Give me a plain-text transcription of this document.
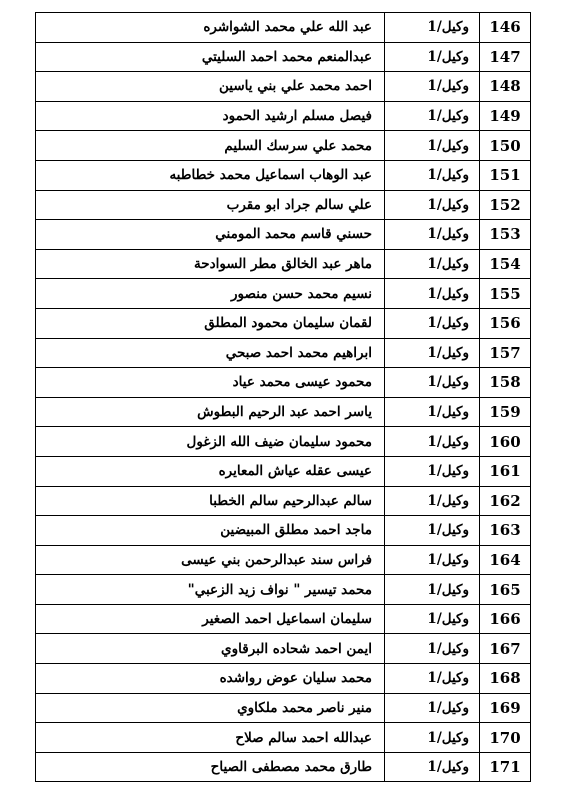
146	وكيل/1	عبد الله علي محمد الشواشره
147	وكيل/1	عبدالمنعم محمد احمد السليتي
148	وكيل/1	احمد محمد علي بني ياسين
149	وكيل/1	فيصل مسلم ارشيد الحمود
150	وكيل/1	محمد علي سرسك السليم
151	وكيل/1	عبد الوهاب اسماعيل محمد خطاطبه
152	وكيل/1	علي سالم جراد ابو مقرب
153	وكيل/1	حسني قاسم محمد المومني
154	وكيل/1	ماهر عبد الخالق مطر السوادحة
155	وكيل/1	نسيم محمد حسن منصور
156	وكيل/1	لقمان سليمان محمود المطلق
157	وكيل/1	ابراهيم محمد احمد صبحي
158	وكيل/1	محمود عيسى محمد عياد
159	وكيل/1	ياسر احمد عبد الرحيم البطوش
160	وكيل/1	محمود سليمان ضيف الله الزغول
161	وكيل/1	عيسى عقله عياش المعايره
162	وكيل/1	سالم عبدالرحيم سالم الخطبا
163	وكيل/1	ماجد احمد مطلق المبيضين
164	وكيل/1	فراس سند عبدالرحمن بني عيسى
165	وكيل/1	محمد تيسير " نواف زيد الزعبي"
166	وكيل/1	سليمان اسماعيل احمد الصغير
167	وكيل/1	ايمن احمد شحاده البرقاوي
168	وكيل/1	محمد سليان عوض رواشده
169	وكيل/1	منير ناصر محمد ملكاوي
170	وكيل/1	عبدالله احمد سالم صلاح
171	وكيل/1	طارق محمد مصطفى الصياح
